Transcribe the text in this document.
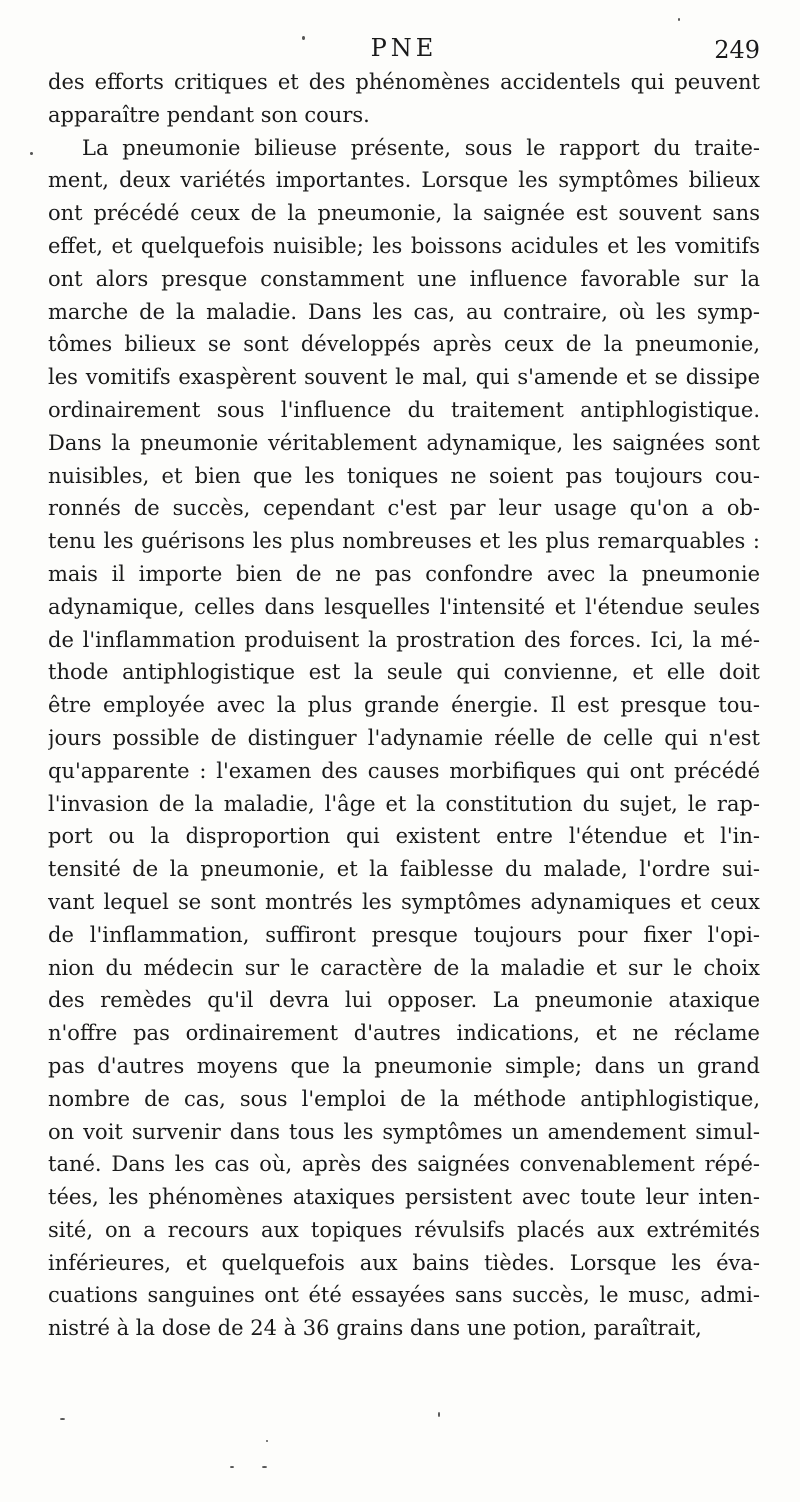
PNE	249
des efforts critiques et des phénomènes accidentels qui peuvent
apparaître pendant son cours.
La pneumonie bilieuse présente, sous le rapport du traite-
ment, deux variétés importantes. Lorsque les symptômes bilieux
ont précédé ceux de la pneumonie, la saignée est souvent sans
effet, et quelquefois nuisible; les boissons acidules et les vomitifs
ont alors presque constamment une influence favorable sur la
marche de la maladie. Dans les cas, au contraire, où les symp-
tômes bilieux se sont développés après ceux de la pneumonie,
les vomitifs exaspèrent souvent le mal, qui s'amende et se dissipe
ordinairement sous l'influence du traitement antiphlogistique.
Dans la pneumonie véritablement adynamique, les saignées sont
nuisibles, et bien que les toniques ne soient pas toujours cou-
ronnés de succès, cependant c'est par leur usage qu'on a ob-
tenu les guérisons les plus nombreuses et les plus remarquables :
mais il importe bien de ne pas confondre avec la pneumonie
adynamique, celles dans lesquelles l'intensité et l'étendue seules
de l'inflammation produisent la prostration des forces. Ici, la mé-
thode antiphlogistique est la seule qui convienne, et elle doit
être employée avec la plus grande énergie. Il est presque tou-
jours possible de distinguer l'adynamie réelle de celle qui n'est
qu'apparente : l'examen des causes morbifiques qui ont précédé
l'invasion de la maladie, l'âge et la constitution du sujet, le rap-
port ou la disproportion qui existent entre l'étendue et l'in-
tensité de la pneumonie, et la faiblesse du malade, l'ordre sui-
vant lequel se sont montrés les symptômes adynamiques et ceux
de l'inflammation, suffiront presque toujours pour fixer l'opi-
nion du médecin sur le caractère de la maladie et sur le choix
des remèdes qu'il devra lui opposer. La pneumonie ataxique
n'offre pas ordinairement d'autres indications, et ne réclame
pas d'autres moyens que la pneumonie simple; dans un grand
nombre de cas, sous l'emploi de la méthode antiphlogistique,
on voit survenir dans tous les symptômes un amendement simul-
tané. Dans les cas où, après des saignées convenablement répé-
tées, les phénomènes ataxiques persistent avec toute leur inten-
sité, on a recours aux topiques révulsifs placés aux extrémités
inférieures, et quelquefois aux bains tièdes. Lorsque les éva-
cuations sanguines ont été essayées sans succès, le musc, admi-
nistré à la dose de 24 à 36 grains dans une potion, paraîtrait,
